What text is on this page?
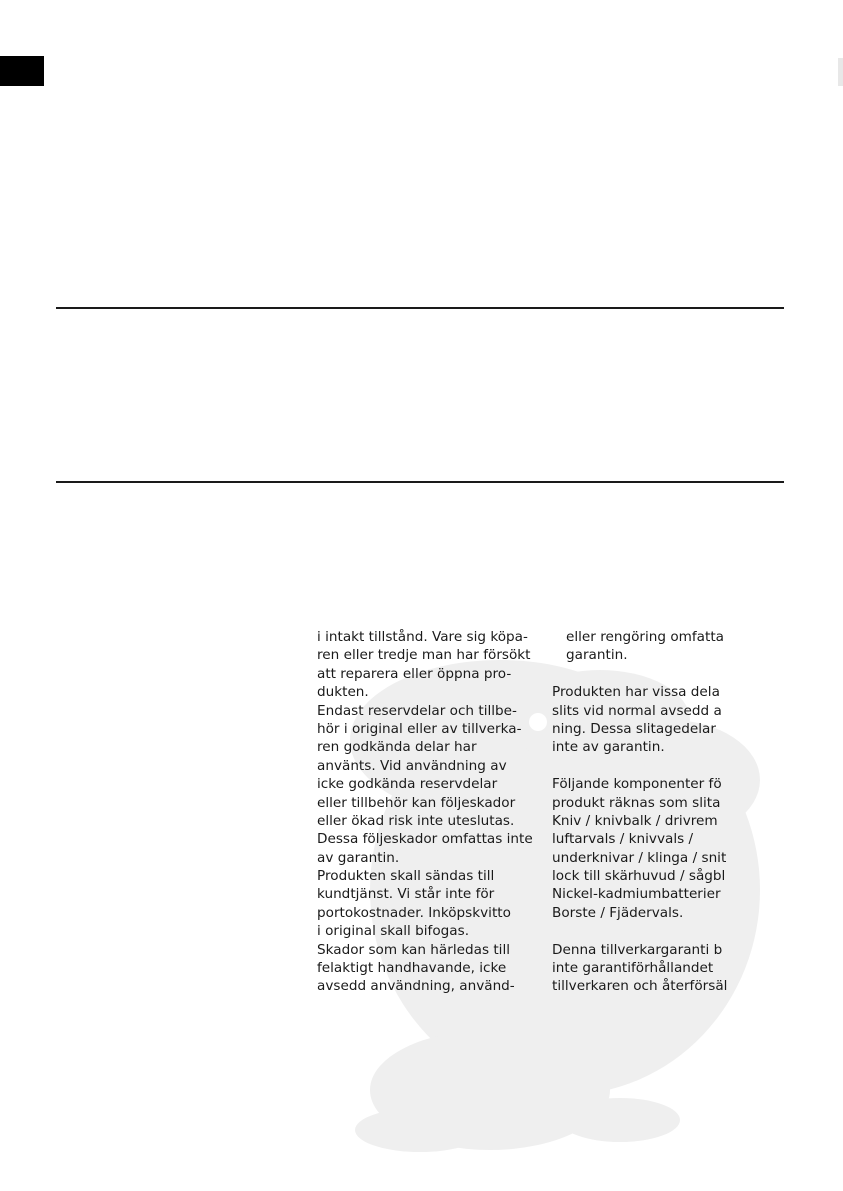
i intakt tillstånd. Vare sig köpa-
ren eller tredje man har försökt
att reparera eller öppna pro-
dukten.
Endast reservdelar och tillbe-
hör i original eller av tillverka-
ren godkända delar har
använts. Vid användning av
icke godkända reservdelar
eller tillbehör kan följeskador
eller ökad risk inte uteslutas.
Dessa följeskador omfattas inte
av garantin.
Produkten skall sändas till
kundtjänst. Vi står inte för
portokostnader. Inköpskvitto
i original skall bifogas.
Skador som kan härledas till
felaktigt handhavande, icke
avsedd användning, använd-
eller rengöring omfatta
garantin.
Produkten har vissa dela
slits vid normal avsedd a
ning. Dessa slitagedelar
inte av garantin.
Följande komponenter fö
produkt räknas som slita
Kniv / knivbalk / drivrem
luftarvals / knivvals /
underknivar / klinga / snit
lock till skärhuvud / sågbl
Nickel-kadmiumbatterier
Borste / Fjädervals.
Denna tillverkargaranti b
inte garantiförhållandet
tillverkaren och återförsäl
